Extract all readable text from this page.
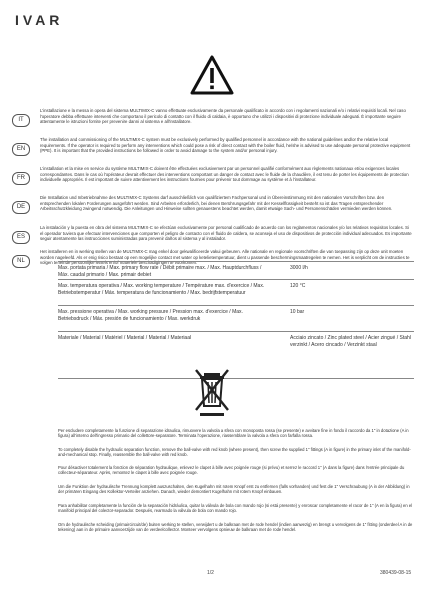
IVAR
IT
L'installazione e la messa in opera del sistema MULTIMIX-C vanno effettuate esclusivamente da personale qualificato in accordo con i regolamenti nazionali e/o i relativi requisiti locali. Nel caso l'operatore debba effettuare interventi che comportano il pericolo di contatto con il fluido di caldaia, è opportuno che utilizzi i dispositivi di protezione individuale adeguati. È importante seguire attentamente le istruzioni fornite per prevenire danni al sistema e all'installatore.
EN
The installation and commissioning of the MULTIMIX-C system must be exclusively performed by qualified personnel in accordance with the national guidelines and/or the relative local requirements. If the operator is required to perform any interventions which could pose a risk of direct contact with the boiler fluid, he/she is advised to use adequate personal protective equipment (PPE). It is important that the provided instructions be followed in order to avoid damage to the system and/or personal injury.
FR
L'installation et la mise en service du système MULTIMIX-C doivent être effectuées exclusivement par un personnel qualifié conformément aux règlements nationaux et/ou exigences locales correspondantes. Dans le cas où l'opérateur devrait effectuer des interventions comportant un danger de contact avec le fluide de la chaudière, il est tenu de porter les équipements de protection individuelle appropriés. Il est important de suivre attentivement les instructions fournies pour prévenir tout dommage au système et à l'installateur.
DE
Die Installation und Inbetriebnahme des MULTIMIX-C Systems darf ausschließlich von qualifiziertem Fachpersonal und in Übereinstimmung mit den nationalen Vorschriften bzw. den entsprechenden lokalen Forderungen ausgeführt werden. Sind Arbeiten erforderlich, bei denen Berührungsgefahr mit der Kesselflüssigkeit besteht so ist das Tragen entsprechender Arbeitsschutzkleidung zwingend notwendig. Die Anleitungen und Hinweise sollten genauestens beachtet werden, damit etwaige Sach- und Personenschäden vermieden werden können.
ES
La instalación y la puesta en obra del sistema MULTIMIX-C se efectúan exclusivamente por personal cualificado de acuerdo con los reglamentos nacionales y/o los relativos requisitos locales. Si el operador tuviera que efectuar intervenciones que comporten el peligro de contacto con el fluido de caldera, se aconseja el uso de dispositivos de protección individual adecuados. Es importante seguir atentamente las instrucciones suministradas para prevenir daños al sistema y al instalador.
NL
Het installeren en in werking stellen van de MULTIMIX-C mag enkel door gekwalificeerde vakui gebeuren. Alle nationale en regionale voorschriften die van toepassing zijn op deze unit moeten worden nageleefd. Als er enig risico bestaat op een mogelijke contact met water op ketelietemperatuur, dient u passende beschermingsmaatregelen te nemen. Het is verplicht om de instructies te volgen teneinde persoonlijke letsels en/of materiële beschadigingen te voorkomen.
Max. portata primaria / Max. primary flow rate / Débit primaire max. / Max. Hauptdurchfluss / Máx. caudal primario / Max. primair debiet
3000 l/h
Max. temperatura operativa / Max. working temperature / Température max. d'exercice / Max. Betriebstemperatur / Máx. temperatura de funcionamiento / Max. bedrijfstemperatuur
120 °C
Max. pressione operativa / Max. working pressure / Pression max. d'exercice / Max. Betriebsdruck / Máx. presión de funcionamiento / Max. werkdruk
10 bar
Materiale / Material / Matériel / Material / Material / Materiaal	Acciaio zincato / Zinc plated steel / Acier zingué / Stahl verzinkt / Acero cincado / Verzinkt staal
Per escludere completamente la funzione di separazione idraulica, rimuovere la valvola a sfera con monoposta rossa (se presente) e avvitare fine in fondo il raccordo da 1" in dotazione (A in figura) all'interno dell'ingresso primario del collettore-separatore. Terminata l'operazione, riassemblare la valvola a sfera con farfalla rossa.
To completely disable the hydraulic separation function, remove the ball-valve with red knob (where present), then screw the supplied 1" fittings (A in figure) in the primary inlet of the manifold-and-mechanical stop. Finally, reassemble the ball-valve with red knob.
Pour désactiver totalement la fonction de séparation hydraulique, enlevez le clapet à bille avec poignée rouge (si prévu) et serrez le raccord 1" (A dans la figure) dans l'entrée principale du collecteur-séparateur. Après, remontez le clapet à bille avec poignée rouge.
Um die Funktion der hydraulische Trennung komplett auszuschalten, den Kugelhahn mit rotem Knopf erst zu entfernen (falls vorhanden) und fest die 1" Verschraubung (A in der Abbildung) in der primären Eingang des Kollektor-Verteiler anziehen. Danach, wieder demontiert Kugelhahn mit rotem Knopf einbauen.
Para anhabilitar completamente la función de la separación hidráulica, quitar la válvula de bola con mando rojo (si está presente) y enroscar completamente el racor de 1" (A en la figura) en el manifold principal del colector-separador. Después, rearmado la válvula de bola con mando rojo.
Om de hydraulische scheiding (primaircircuit/de) buiten werking te stellen, verwijdert u de balkraan met de rode hendel (indien aanwezig) en brengt u vervolgens de 1" fitting (onderdeel A in de tekening) aan in de primaire aanvoerzijde van de verdeelcollector. Monteer vervolgens opnieuw de balkraan met de rode hendel.
1/2	380439-08-15
